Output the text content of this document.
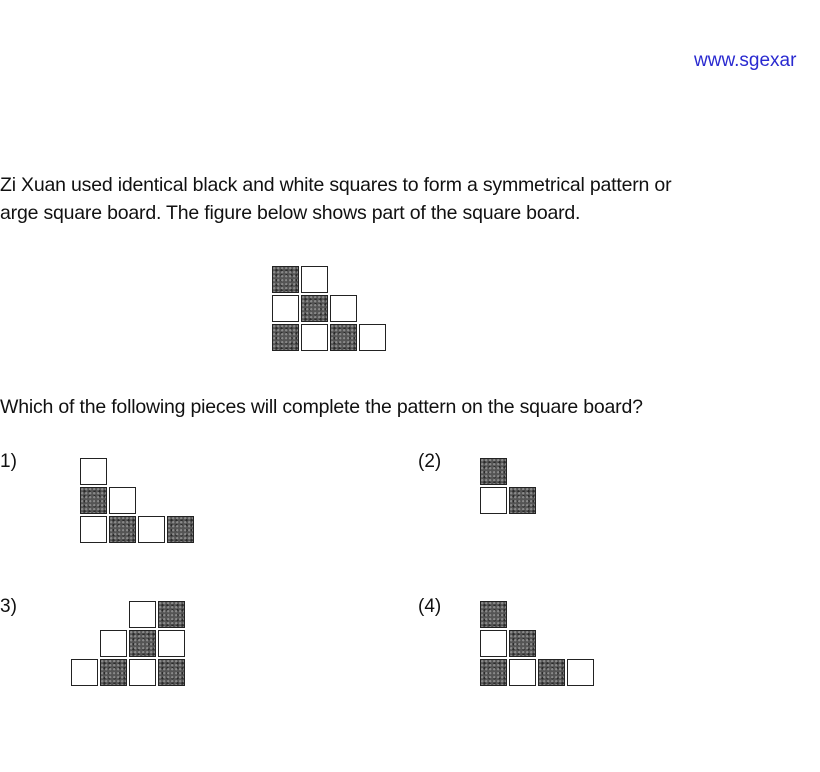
www.sgexar
Zi Xuan used identical black and white squares to form a symmetrical pattern or
arge square board. The figure below shows part of the square board.
Which of the following pieces will complete the pattern on the square board?
1)	(2)
3)	(4)
